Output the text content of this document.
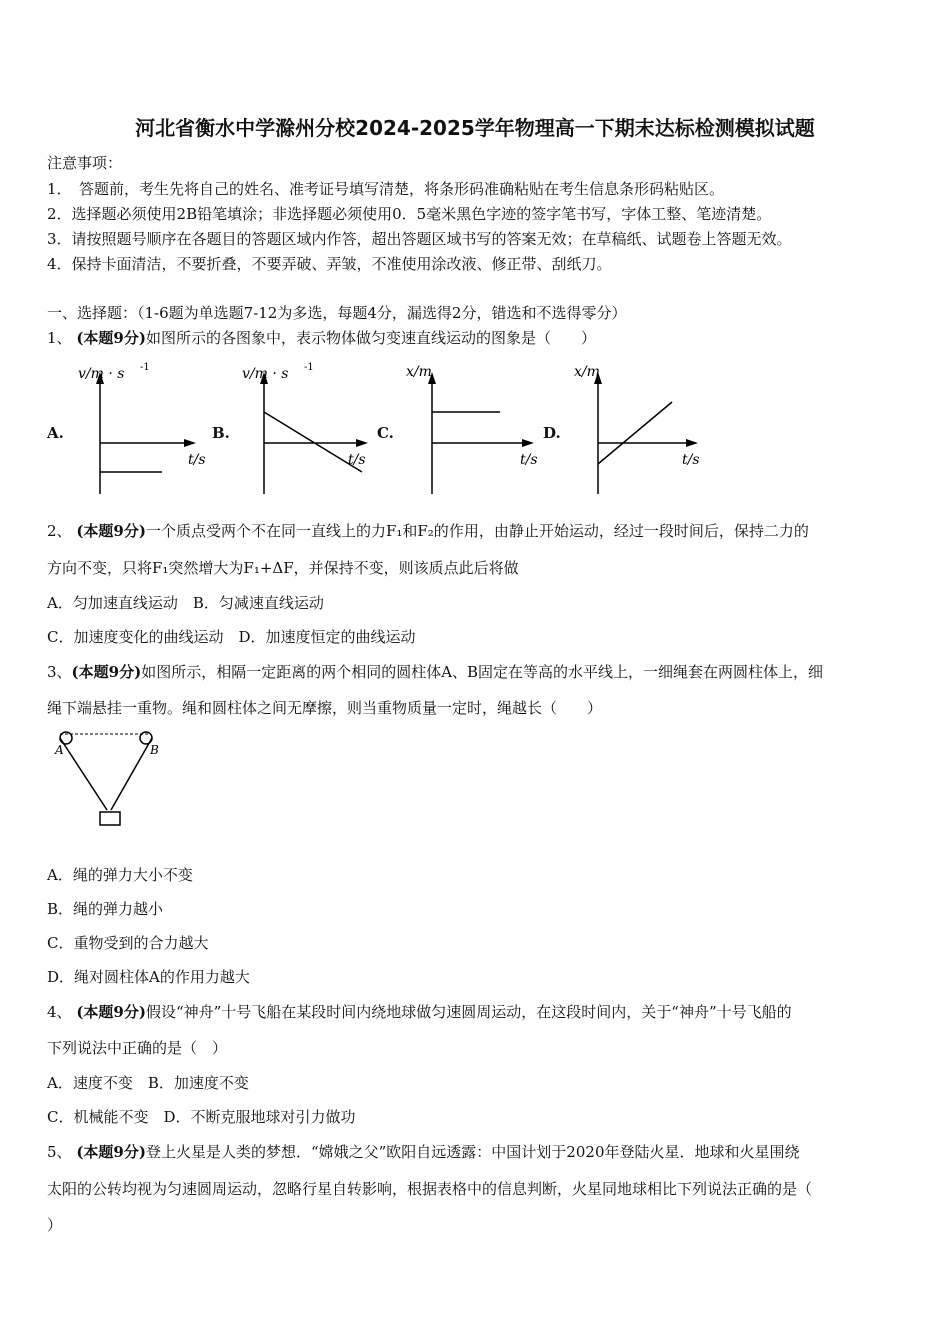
河北省衡水中学滁州分校2024-2025学年物理高一下期末达标检测模拟试题
注意事项：
1．　答题前，考生先将自己的姓名、准考证号填写清楚，将条形码准确粘贴在考生信息条形码粘贴区。
2．选择题必须使用2B铅笔填涂；非选择题必须使用0．5毫米黑色字迹的签字笔书写，字体工整、笔迹清楚。
3．请按照题号顺序在各题目的答题区域内作答，超出答题区域书写的答案无效；在草稿纸、试题卷上答题无效。
4．保持卡面清洁，不要折叠，不要弄破、弄皱，不准使用涂改液、修正带、刮纸刀。
一、选择题：（1-6题为单选题7-12为多选，每题4分，漏选得2分，错选和不选得零分）
1、 (本题9分)如图所示的各图象中，表示物体做匀变速直线运动的图象是（　　）
A.
v/m · s -1
t/s
B.
v/m · s -1
t/s
C.
x/m
t/s
D.
x/m
t/s
2、 (本题9分)一个质点受两个不在同一直线上的力F₁和F₂的作用，由静止开始运动，经过一段时间后，保持二力的
方向不变，只将F₁突然增大为F₁+ΔF，并保持不变，则该质点此后将做
A．匀加速直线运动　B．匀减速直线运动
C．加速度变化的曲线运动　D．加速度恒定的曲线运动
3、(本题9分)如图所示，相隔一定距离的两个相同的圆柱体A、B固定在等高的水平线上，一细绳套在两圆柱体上，细
绳下端悬挂一重物。绳和圆柱体之间无摩擦，则当重物质量一定时，绳越长（　　）
A	B
A．绳的弹力大小不变
B．绳的弹力越小
C．重物受到的合力越大
D．绳对圆柱体A的作用力越大
4、 (本题9分)假设“神舟”十号飞船在某段时间内绕地球做匀速圆周运动，在这段时间内，关于“神舟”十号飞船的
下列说法中正确的是（　）
A．速度不变　B．加速度不变
C．机械能不变　D．不断克服地球对引力做功
5、 (本题9分)登上火星是人类的梦想．“嫦娥之父”欧阳自远透露：中国计划于2020年登陆火星．地球和火星围绕
太阳的公转均视为匀速圆周运动，忽略行星自转影响，根据表格中的信息判断，火星同地球相比下列说法正确的是（
）
